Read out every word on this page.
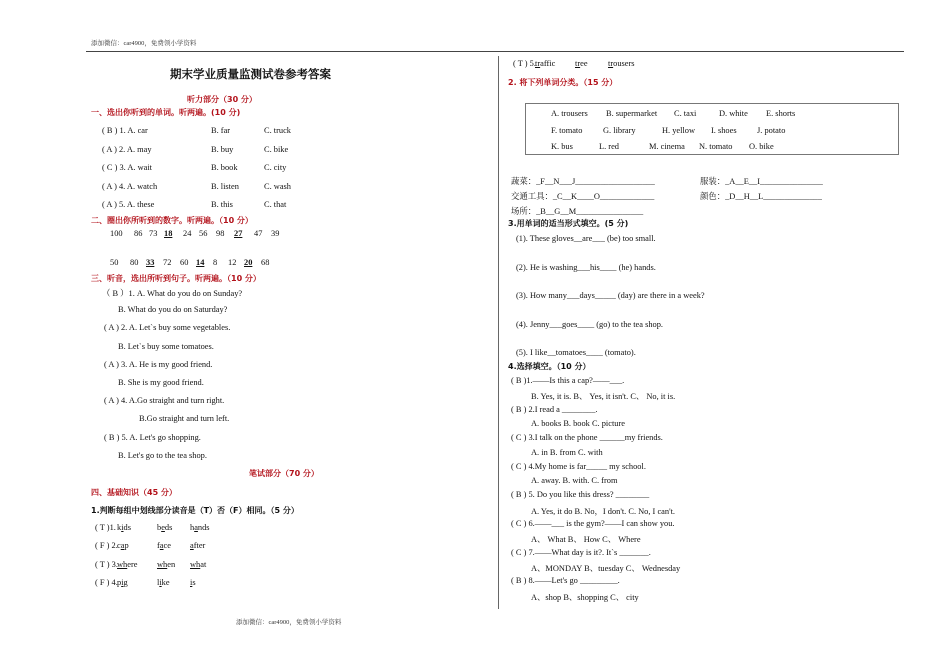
添加微信：car4900，免费领小学资料
添加微信：car4900，免费领小学资料
期末学业质量监测试卷参考答案
听力部分（30 分）
一、选出你听到的单词。听两遍。(10 分)
( B ) 1. A. car	B. far	C. truck
( A ) 2. A. may	B. buy	C. bike
( C ) 3. A. wait	B. book	C. city
( A ) 4. A. watch	B. listen	C. wash
( A ) 5. A. these	B. this	C. that
二、圈出你所听到的数字。听两遍。（10 分）
100 86 73 18 24 56 98 27 47 39
50 80 33 72 60 14 8 12 20 68
三、听音，选出所听到句子。听两遍。（10 分）
（ B ）1. A. What do you do on Sunday?
B. What do you do on Saturday?
( A ) 2. A. Let`s buy some vegetables.
B. Let`s buy some tomatoes.
( A ) 3. A. He is my good friend.
B. She is my good friend.
( A ) 4. A.Go straight and turn right.
B.Go straight and turn left.
( B ) 5. A. Let's go shopping.
B. Let's go to the tea shop.
笔试部分（70 分）
四、基础知识（45 分）
1.判断每组中划线部分读音是（T）否（F）相同。（5 分）
( T )1.kids	beds hands
( F ) 2.cap	face after
( T ) 3.where when what
( F ) 4.pig	like is
( T ) 5.traffic tree trousers
2. 将下列单词分类。（15 分）
A. trousers B. supermarket C. taxi	D. white E. shorts
F. tomato G. library	H. yellow I. shoes J. potato
K. bus	L. red	M. cinema N. tomato O. bike
蔬菜：_F__N___J___________________	服装：_A__E__I_______________
交通工具：_C__K____O_____________	颜色：_D__H__L______________
场所：_B__G__M________________
3.用单词的适当形式填空。(5 分)
(1). These gloves__are___ (be) too small.
(2). He is washing___his____ (he) hands.
(3). How many___days_____ (day) are there in a week?
(4). Jenny___goes____ (go) to the tea shop.
(5). I like__tomatoes____ (tomato).
4.选择填空。（10 分）
( B )1.——Is this a cap?——___.
B. Yes, it is. B、 Yes, it isn't. C、 No, it is.
( B ) 2.I read a ________.
A. books B. book C. picture
( C ) 3.I talk on the phone ______my friends.
A. in B. from C. with
( C ) 4.My home is far_____ my school.
A. away. B. with. C. from
( B ) 5. Do you like this dress? ________
A. Yes, it do B. No，I don't. C. No, I can't.
( C ) 6.——___ is the gym?——I can show you.
A、 What B、 How C、 Where
( C ) 7.——What day is it?. It`s _______.
A、MONDAY B、tuesday C、 Wednesday
( B ) 8.——Let's go _________.
A、shop B、shopping C、 city
